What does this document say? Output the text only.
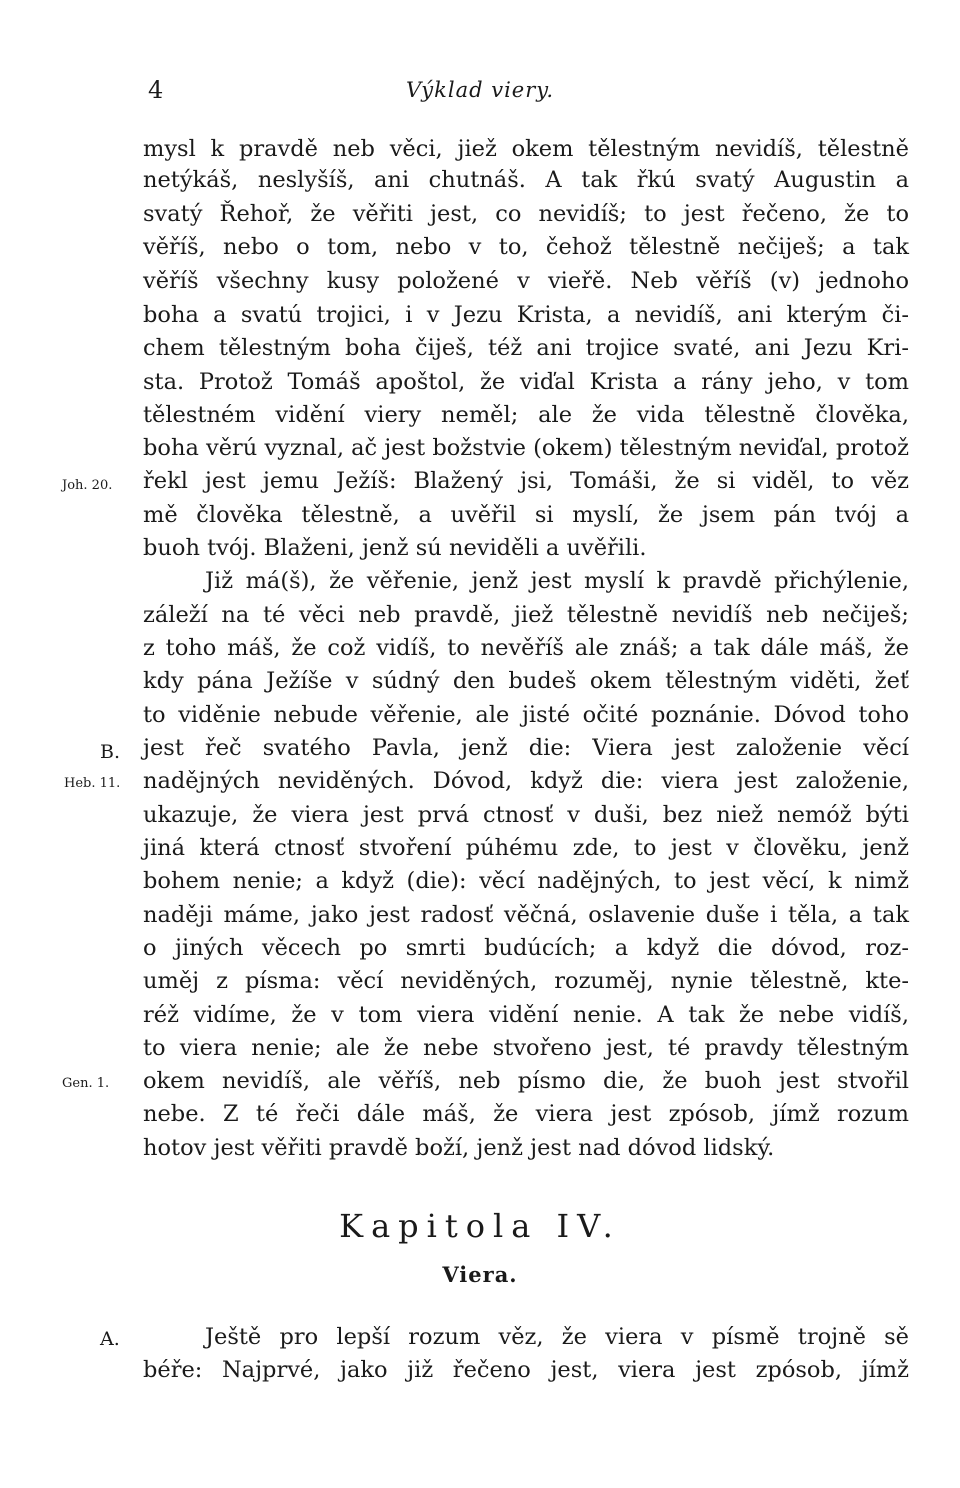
4	Výklad viery.
mysl k pravdě neb věci, jiež okem tělestným nevidíš, tělestně
netýkáš, neslyšíš, ani chutnáš. A tak řkú svatý Augustin a
svatý Řehoř, že věřiti jest, co nevidíš; to jest řečeno, že to
věříš, nebo o tom, nebo v to, čehož tělestně nečiješ; a tak
věříš všechny kusy položené v vieřě. Neb věříš (v) jednoho
boha a svatú trojici, i v Jezu Krista, a nevidíš, ani kterým či-
chem tělestným boha čiješ, též ani trojice svaté, ani Jezu Kri-
sta. Protož Tomáš apoštol, že viďal Krista a rány jeho, v tom
tělestném vidění viery neměl; ale že vida tělestně člověka,
boha věrú vyznal, ač jest božstvie (okem) tělestným neviďal, protož
řekl jest jemu Ježíš: Blažený jsi, Tomáši, že si viděl, to věz
mě člověka tělestně, a uvěřil si myslí, že jsem pán tvój a
buoh tvój. Blaženi, jenž sú neviděli a uvěřili.
Již má(š), že věřenie, jenž jest myslí k pravdě přichýlenie,
záleží na té věci neb pravdě, jiež tělestně nevidíš neb nečiješ;
z toho máš, že což vidíš, to nevěříš ale znáš; a tak dále máš, že
kdy pána Ježíše v súdný den budeš okem tělestným viděti, žeť
to viděnie nebude věřenie, ale jisté očité poznánie. Dóvod toho
jest řeč svatého Pavla, jenž die: Viera jest založenie věcí
nadějných neviděných. Dóvod, když die: viera jest založenie,
ukazuje, že viera jest prvá ctnosť v duši, bez niež nemóž býti
jiná která ctnosť stvoření púhému zde, to jest v člověku, jenž
bohem nenie; a když (die): věcí nadějných, to jest věcí, k nimž
naději máme, jako jest radosť věčná, oslavenie duše i těla, a tak
o jiných věcech po smrti budúcích; a když die dóvod, roz-
uměj z písma: věcí neviděných, rozuměj, nynie tělestně, kte-
réž vidíme, že v tom viera vidění nenie. A tak že nebe vidíš,
to viera nenie; ale že nebe stvořeno jest, té pravdy tělestným
okem nevidíš, ale věříš, neb písmo die, že buoh jest stvořil
nebe. Z té řeči dále máš, že viera jest zpósob, jímž rozum
hotov jest věřiti pravdě boží, jenž jest nad dóvod lidský.
Joh. 20.
B.
Heb. 11.
Gen. 1.
A.
Kapitola IV.
Viera.
Ještě pro lepší rozum věz, že viera v písmě trojně sě
béře: Najprvé, jako již řečeno jest, viera jest zpósob, jímž
